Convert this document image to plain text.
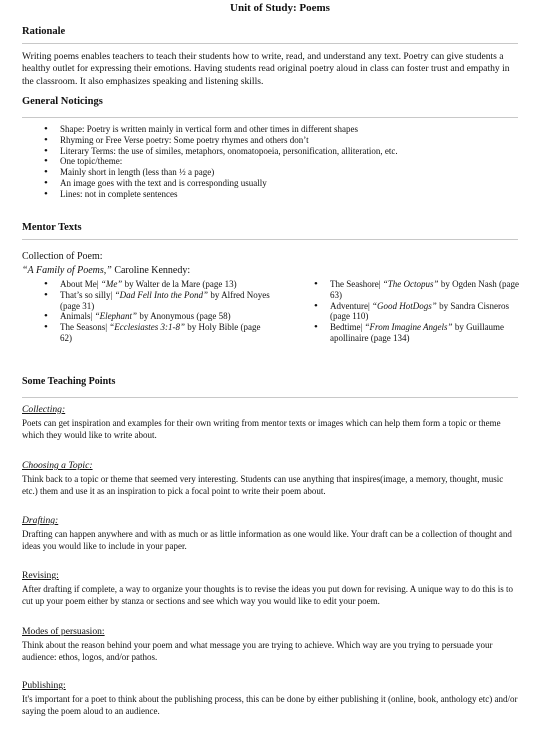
Unit of Study: Poems
Rationale
Writing poems enables teachers to teach their students how to write, read, and understand any text. Poetry can give students a healthy outlet for expressing their emotions. Having students read original poetry aloud in class can foster trust and empathy in the classroom. It also emphasizes speaking and listening skills.
General Noticings
• Shape: Poetry is written mainly in vertical form and other times in different shapes
• Rhyming or Free Verse poetry: Some poetry rhymes and others don’t
• Literary Terms: the use of similes, metaphors, onomatopoeia, personification, alliteration, etc.
• One topic/theme:
• Mainly short in length (less than ½ a page)
• An image goes with the text and is corresponding usually
• Lines: not in complete sentences
Mentor Texts
Collection of Poem:
“A Family of Poems,” Caroline Kennedy:
• About Me| “Me” by Walter de la Mare (page 13)
• That’s so silly| “Dad Fell Into the Pond” by Alfred Noyes (page 31)
• Animals| “Elephant” by Anonymous (page 58)
• The Seasons| “Ecclesiastes 3:1-8” by Holy Bible (page 62)
• The Seashore| “The Octopus” by Ogden Nash (page 63)
• Adventure| “Good HotDogs” by Sandra Cisneros (page 110)
• Bedtime| “From Imagine Angels” by Guillaume apollinaire (page 134)
Some Teaching Points
Collecting:
Poets can get inspiration and examples for their own writing from mentor texts or images which can help them form a topic or theme which they would like to write about.
Choosing a Topic:
Think back to a topic or theme that seemed very interesting. Students can use anything that inspires(image, a memory, thought, music etc.) them and use it as an inspiration to pick a focal point to write their poem about.
Drafting:
Drafting can happen anywhere and with as much or as little information as one would like. Your draft can be a collection of thought and ideas you would like to include in your paper.
Revising:
After drafting if complete, a way to organize your thoughts is to revise the ideas you put down for revising. A unique way to do this is to cut up your poem either by stanza or sections and see which way you would like to edit your poem.
Modes of persuasion:
Think about the reason behind your poem and what message you are trying to achieve. Which way are you trying to persuade your audience: ethos, logos, and/or pathos.
Publishing:
It's important for a poet to think about the publishing process, this can be done by either publishing it (online, book, anthology etc) and/or saying the poem aloud to an audience.
